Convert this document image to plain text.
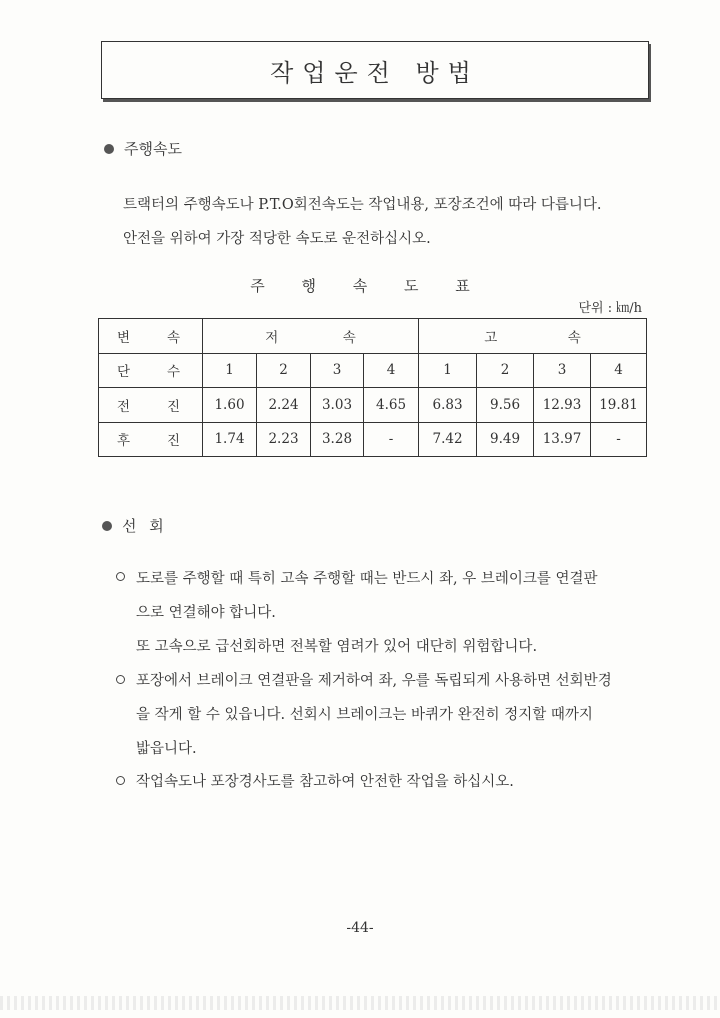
작업운전 방법
주행속도
트랙터의 주행속도나 P.T.O회전속도는 작업내용, 포장조건에 따라 다릅니다.
안전을 위하여 가장 적당한 속도로 운전하십시오.
주 행 속 도 표
단위 : ㎞/h
변 속	저 속				고 속			

단 수	1	2	3	4	1	2	3	4

전 진	1.60	2.24	3.03	4.65	6.83	9.56	12.93	19.81

후 진	1.74	2.23	3.28	-	7.42	9.49	13.97	-
선 회
도로를 주행할 때 특히 고속 주행할 때는 반드시 좌, 우 브레이크를 연결판
으로 연결해야 합니다.
또 고속으로 급선회하면 전복할 염려가 있어 대단히 위험합니다.
포장에서 브레이크 연결판을 제거하여 좌, 우를 독립되게 사용하면 선회반경
을 작게 할 수 있읍니다. 선회시 브레이크는 바퀴가 완전히 정지할 때까지
밟읍니다.
작업속도나 포장경사도를 참고하여 안전한 작업을 하십시오.
-44-
